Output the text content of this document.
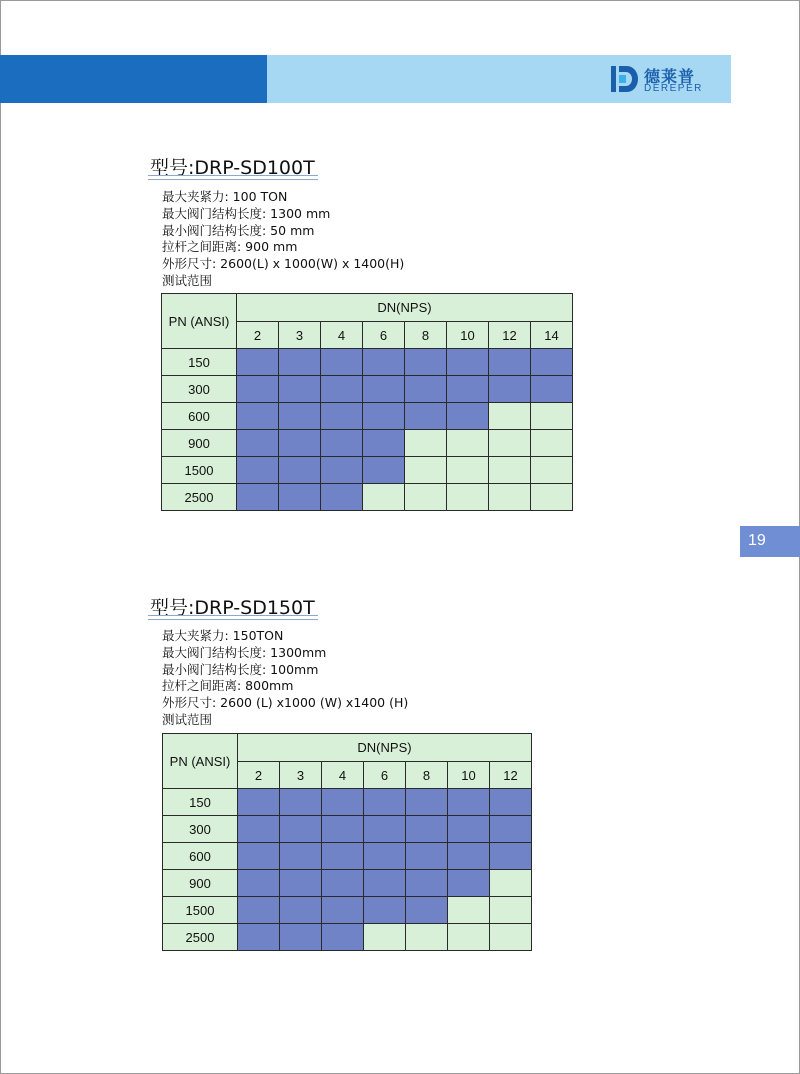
德莱普
DEREPER
19
型号:DRP-SD100T
最大夹紧力: 100 TON
最大阀门结构长度: 1300 mm
最小阀门结构长度: 50 mm
拉杆之间距离: 900 mm
外形尺寸: 2600(L) x 1000(W) x 1400(H)
测试范围
PN (ANSI)	DN(NPS)							
	2	3	4	6	8	10	12	14
150								
300								
600								
900								
1500								
2500								
型号:DRP-SD150T
最大夹紧力: 150TON
最大阀门结构长度: 1300mm
最小阀门结构长度: 100mm
拉杆之间距离: 800mm
外形尺寸: 2600 (L) x1000 (W) x1400 (H)
测试范围
PN (ANSI)	DN(NPS)						
	2	3	4	6	8	10	12
150							
300							
600							
900							
1500							
2500							
